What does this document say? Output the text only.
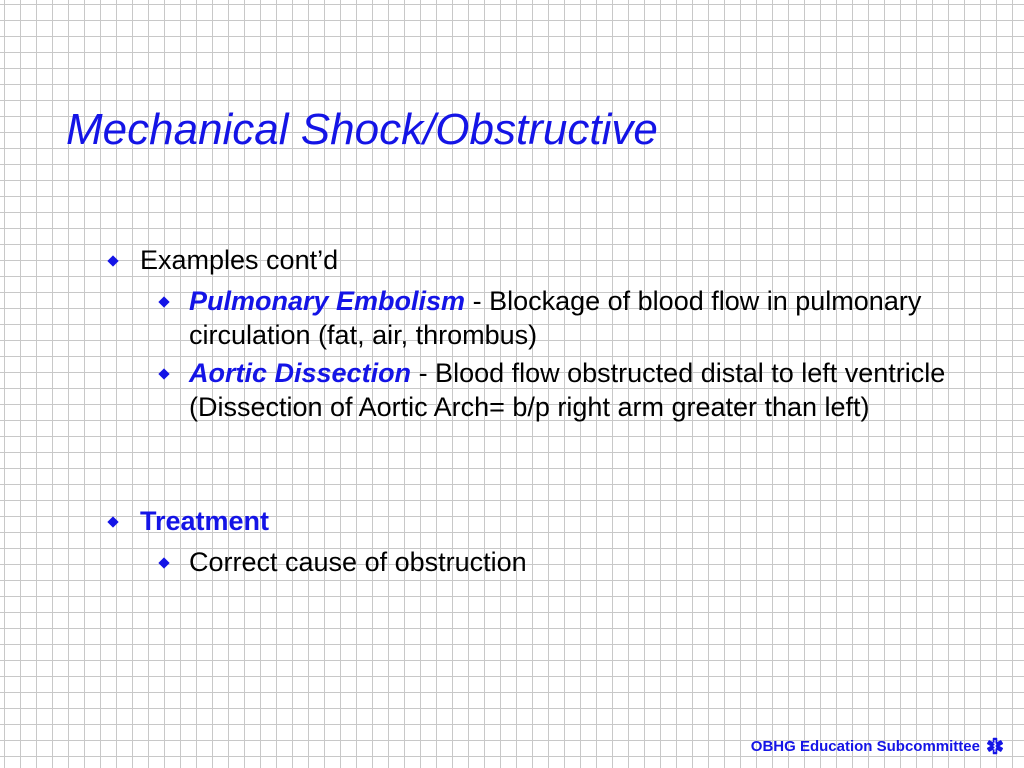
Mechanical Shock/Obstructive
Examples cont’d
Pulmonary Embolism - Blockage of blood flow in pulmonary circulation (fat, air, thrombus)
Aortic Dissection - Blood flow obstructed distal to left ventricle (Dissection of Aortic Arch= b/p right arm greater than left)
Treatment
Correct cause of obstruction
OBHG Education Subcommittee
